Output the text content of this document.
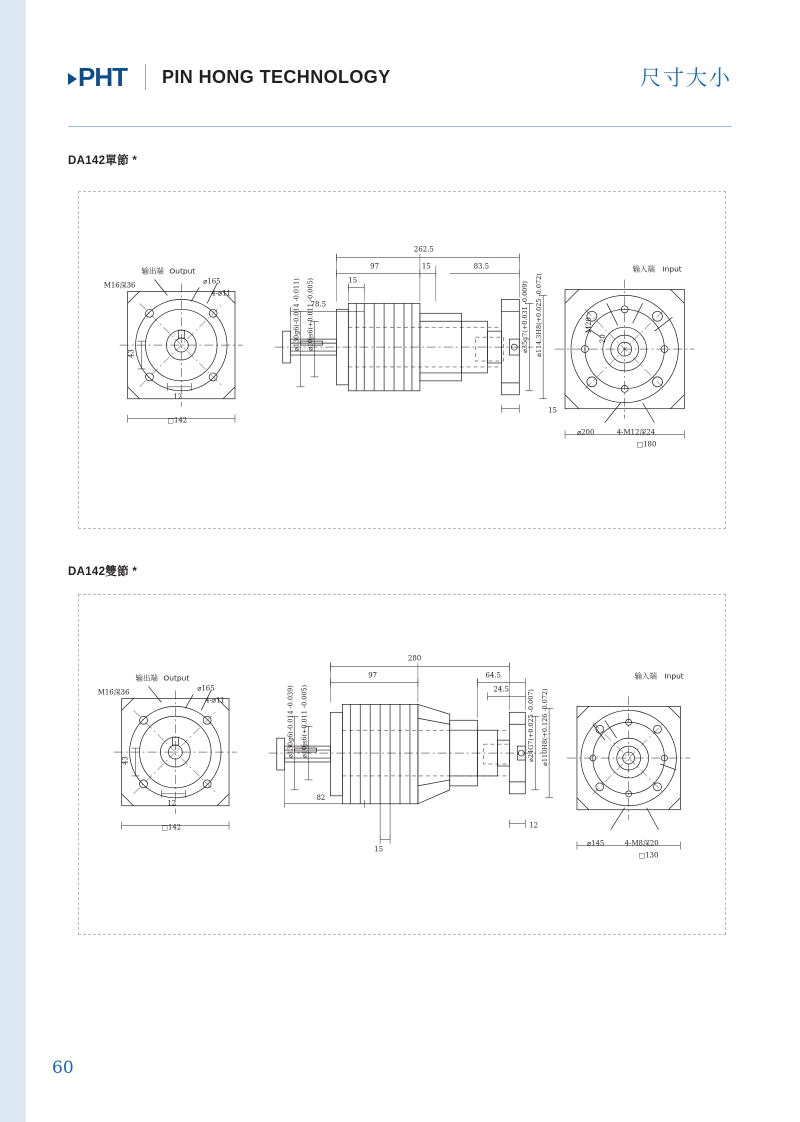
PHT PIN HONG TECHNOLOGY	尺寸大小
DA142單節 *
输出端 Output
M16深36	⌀165
4-⌀11
43
12
□142
262.5
97	15	83.5
15
78.5
15
⌀130g6(-0.014 -0.011) ⌀10js6(+0.011 -0.005)	⌀35g7(+0.031 -0.009) ⌀114.3H8(+0.025 -0.072)
输入端 Input
M20
20
⌀200	4-M12深24
□180
DA142雙節 *
输出端 Output
M16深36	⌀165
4-⌀11
43
12
□142
280
97	64.5
24.5
82
15
12
⌀130g6(-0.014 -0.039) ⌀10js6(+0.011 -0.005)	⌀24G7(+0.025 -0.007) ⌀110H8(+0.126 -0.072)
输入端 Input
⌀145	4-M8深20
□130
60
